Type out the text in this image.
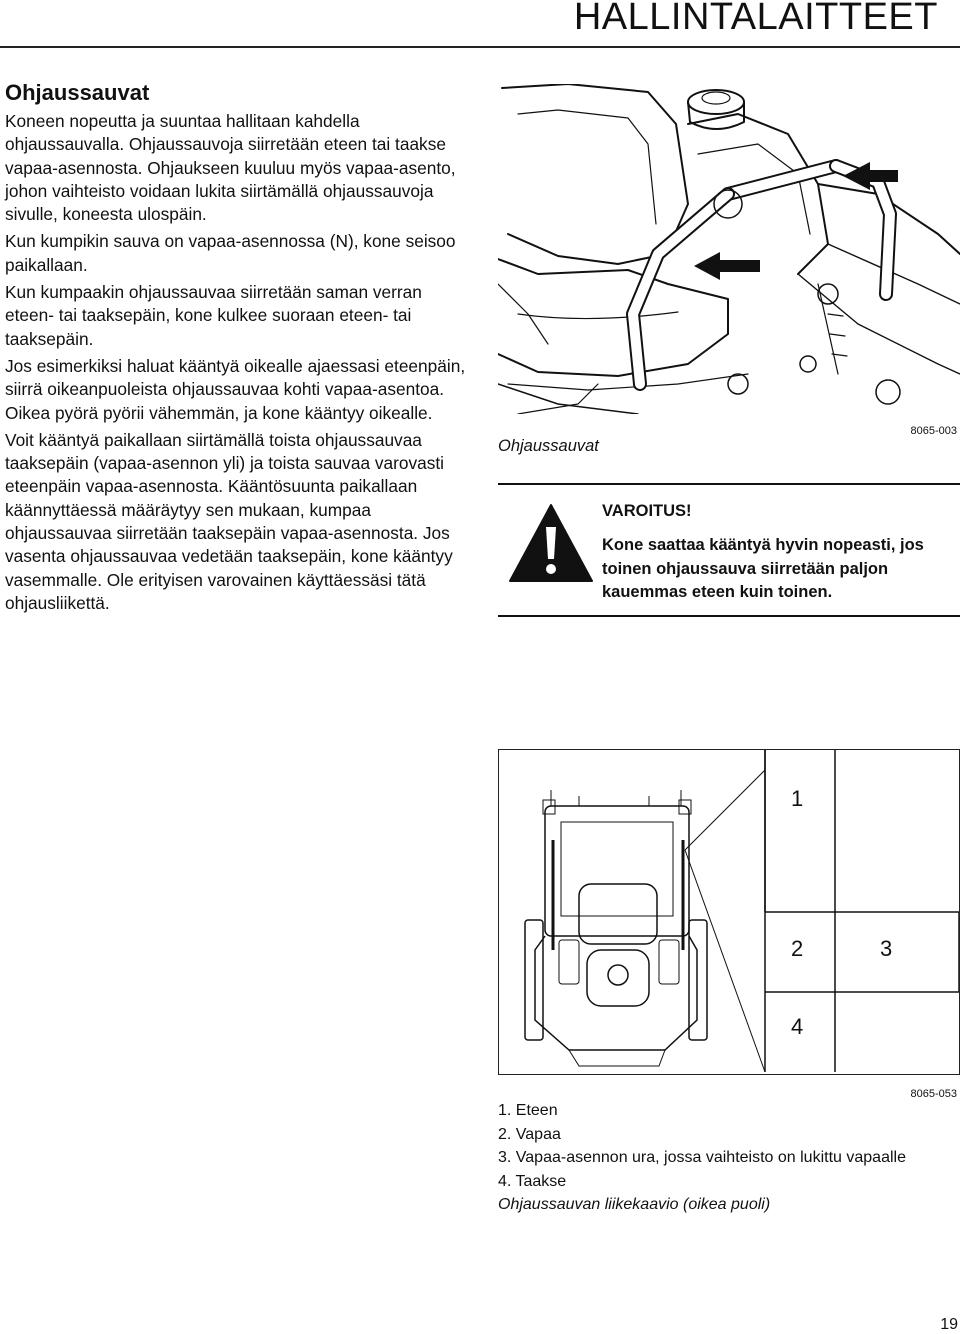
HALLINTALAITTEET
Ohjaussauvat

Koneen nopeutta ja suuntaa hallitaan kahdella ohjaussauvalla. Ohjaussauvoja siirretään eteen tai taakse vapaa-asennosta. Ohjaukseen kuuluu myös vapaa-asento, johon vaihteisto voidaan lukita siirtämällä ohjaussauvoja sivulle, koneesta ulospäin.

Kun kumpikin sauva on vapaa-asennossa (N), kone seisoo paikallaan.

Kun kumpaakin ohjaussauvaa siirretään saman verran eteen- tai taaksepäin, kone kulkee suoraan eteen- tai taaksepäin.

Jos esimerkiksi haluat kääntyä oikealle ajaessasi eteenpäin, siirrä oikeanpuoleista ohjaussauvaa kohti vapaa-asentoa. Oikea pyörä pyörii vähemmän, ja kone kääntyy oikealle.

Voit kääntyä paikallaan siirtämällä toista ohjaussauvaa taaksepäin (vapaa-asennon yli) ja toista sauvaa varovasti eteenpäin vapaa-asennosta. Kääntösuunta paikallaan käännyttäessä määräytyy sen mukaan, kumpaa ohjaussauvaa siirretään taaksepäin vapaa-asennosta. Jos vasenta ohjaussauvaa vedetään taaksepäin, kone kääntyy vasemmalle. Ole erityisen varovainen käyttäessäsi tätä ohjausliikettä.

Ohjaussauvat
8065-003
VAROITUS!
Kone saattaa kääntyä hyvin nopeasti, jos toinen ohjaussauva siirretään paljon kauemmas eteen kuin toinen.
1
2	3
4
8065-053
1. Eteen
2. Vapaa
3. Vapaa-asennon ura, jossa vaihteisto on lukittu vapaalle
4. Taakse
Ohjaussauvan liikekaavio (oikea puoli)
19
